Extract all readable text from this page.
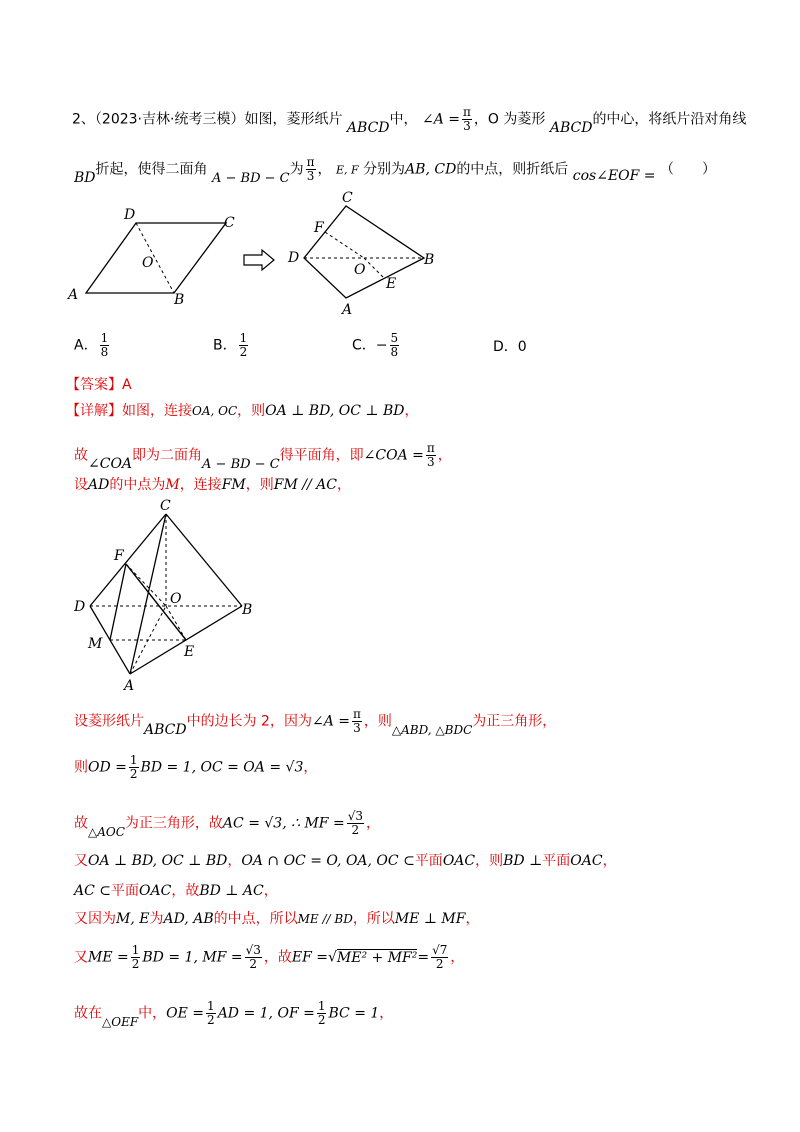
2、（2023·吉林·统考三模）如图，菱形纸片 ABCD中， ∠A = $\frac{\pi}{3}$ ，O 为菱形 ABCD的中心，将纸片沿对角线
BD折起，使得二面角 A − BD − C为 $\frac{\pi}{3}$ ， E, F 分别为AB, CD的中点，则折纸后 cos∠EOF = （　　）
A	B
C
D
O
C
F
D
O
B
E
A
A． $\frac{1}{8}$	B． $\frac{1}{2}$	C．− $\frac{5}{8}$	D．0
【答案】A
【详解】如图，连接OA, OC，则OA ⊥ BD, OC ⊥ BD，
故∠COA即为二面角A − BD − C得平面角，即∠COA = $\frac{\pi}{3}$ ，
设AD的中点为M，连接FM，则FM // AC，
C
F
D	O
B
M	E
A
设菱形纸片ABCD中的边长为 2，因为∠A = $\frac{\pi}{3}$ ，则△ABD, △BDC为正三角形，
则OD = $\frac{1}{2}$ BD = 1, OC = OA = √3，
故△AOC为正三角形，故AC = √3, ∴ MF = $\frac{√3}{2}$ ，
又OA ⊥ BD, OC ⊥ BD，OA ∩ OC = O, OA, OC ⊂平面OAC，则BD ⊥平面OAC，
AC ⊂平面OAC，故BD ⊥ AC，
又因为M, E为AD, AB的中点，所以ME // BD，所以ME ⊥ MF，
又ME = $\frac{1}{2}$ BD = 1, MF = $\frac{√3}{2}$ ，故EF $=√ME^2 + MF^2= \frac{√7}{2}$ ，
故在△OEF中，OE = $\frac{1}{2}$ AD = 1, OF = $\frac{1}{2}$ BC = 1，
